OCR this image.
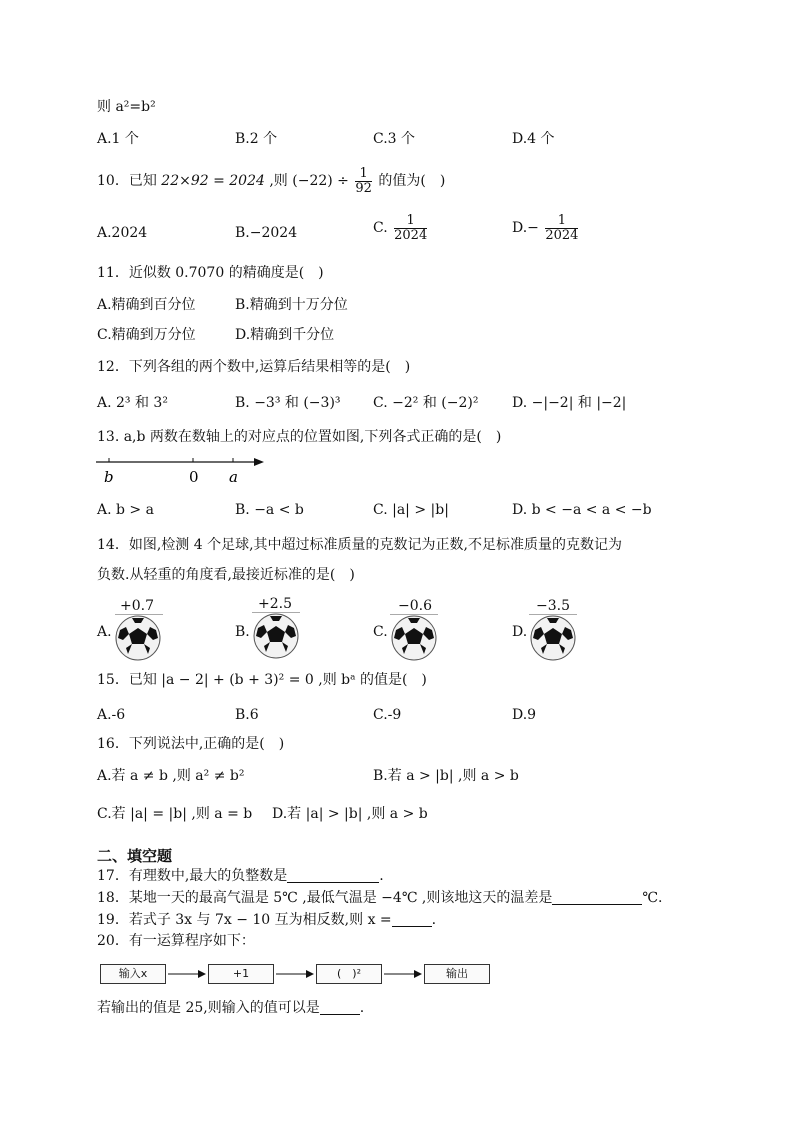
则 a²=b²
A.1 个	B.2 个	C.3 个	D.4 个
10．已知 22×92 = 2024 ,则 $(-22) \div \frac{1}{92}$ 的值为(　)
A.2024	B.−2024	C. $\frac{1}{2024}$	$D.- \frac{1}{2024}$
11．近似数 0.7070 的精确度是(　)
A.精确到百分位	B.精确到十万分位
C.精确到万分位	D.精确到千分位
12．下列各组的两个数中,运算后结果相等的是(　)
A. 2³ 和 3²	B. −3³ 和 (−3)³ C. −2² 和 (−2)² D. −|−2| 和 |−2|
13. a,b 两数在数轴上的对应点的位置如图,下列各式正确的是(　)
b	0 a
A. b > a	B. −a < b	C. |a| > |b|	D. b < −a < a < −b
14．如图,检测 4 个足球,其中超过标准质量的克数记为正数,不足标准质量的克数记为
负数.从轻重的角度看,最接近标准的是(　)
+0.7
A.
+2.5
B.
−0.6
C.
−3.5
D.
15．已知 |a − 2| + (b + 3)² = 0 ,则 bᵃ 的值是(　)
A.-6	B.6	C.-9	D.9
16．下列说法中,正确的是(　)
A.若 a ≠ b ,则 a² ≠ b²	B.若 a > |b| ,则 a > b
C.若 |a| = |b| ,则 a = b D.若 |a| > |b| ,则 a > b
二、填空题
17．有理数中,最大的负整数是	.
18．某地一天的最高气温是 5℃ ,最低气温是 −4℃ ,则该地这天的温差是	℃.
19．若式子 3x 与 7x − 10 互为相反数,则 x =	.
20．有一运算程序如下：
输入x	+1	(　)²	输出
若输出的值是 25,则输入的值可以是	.
